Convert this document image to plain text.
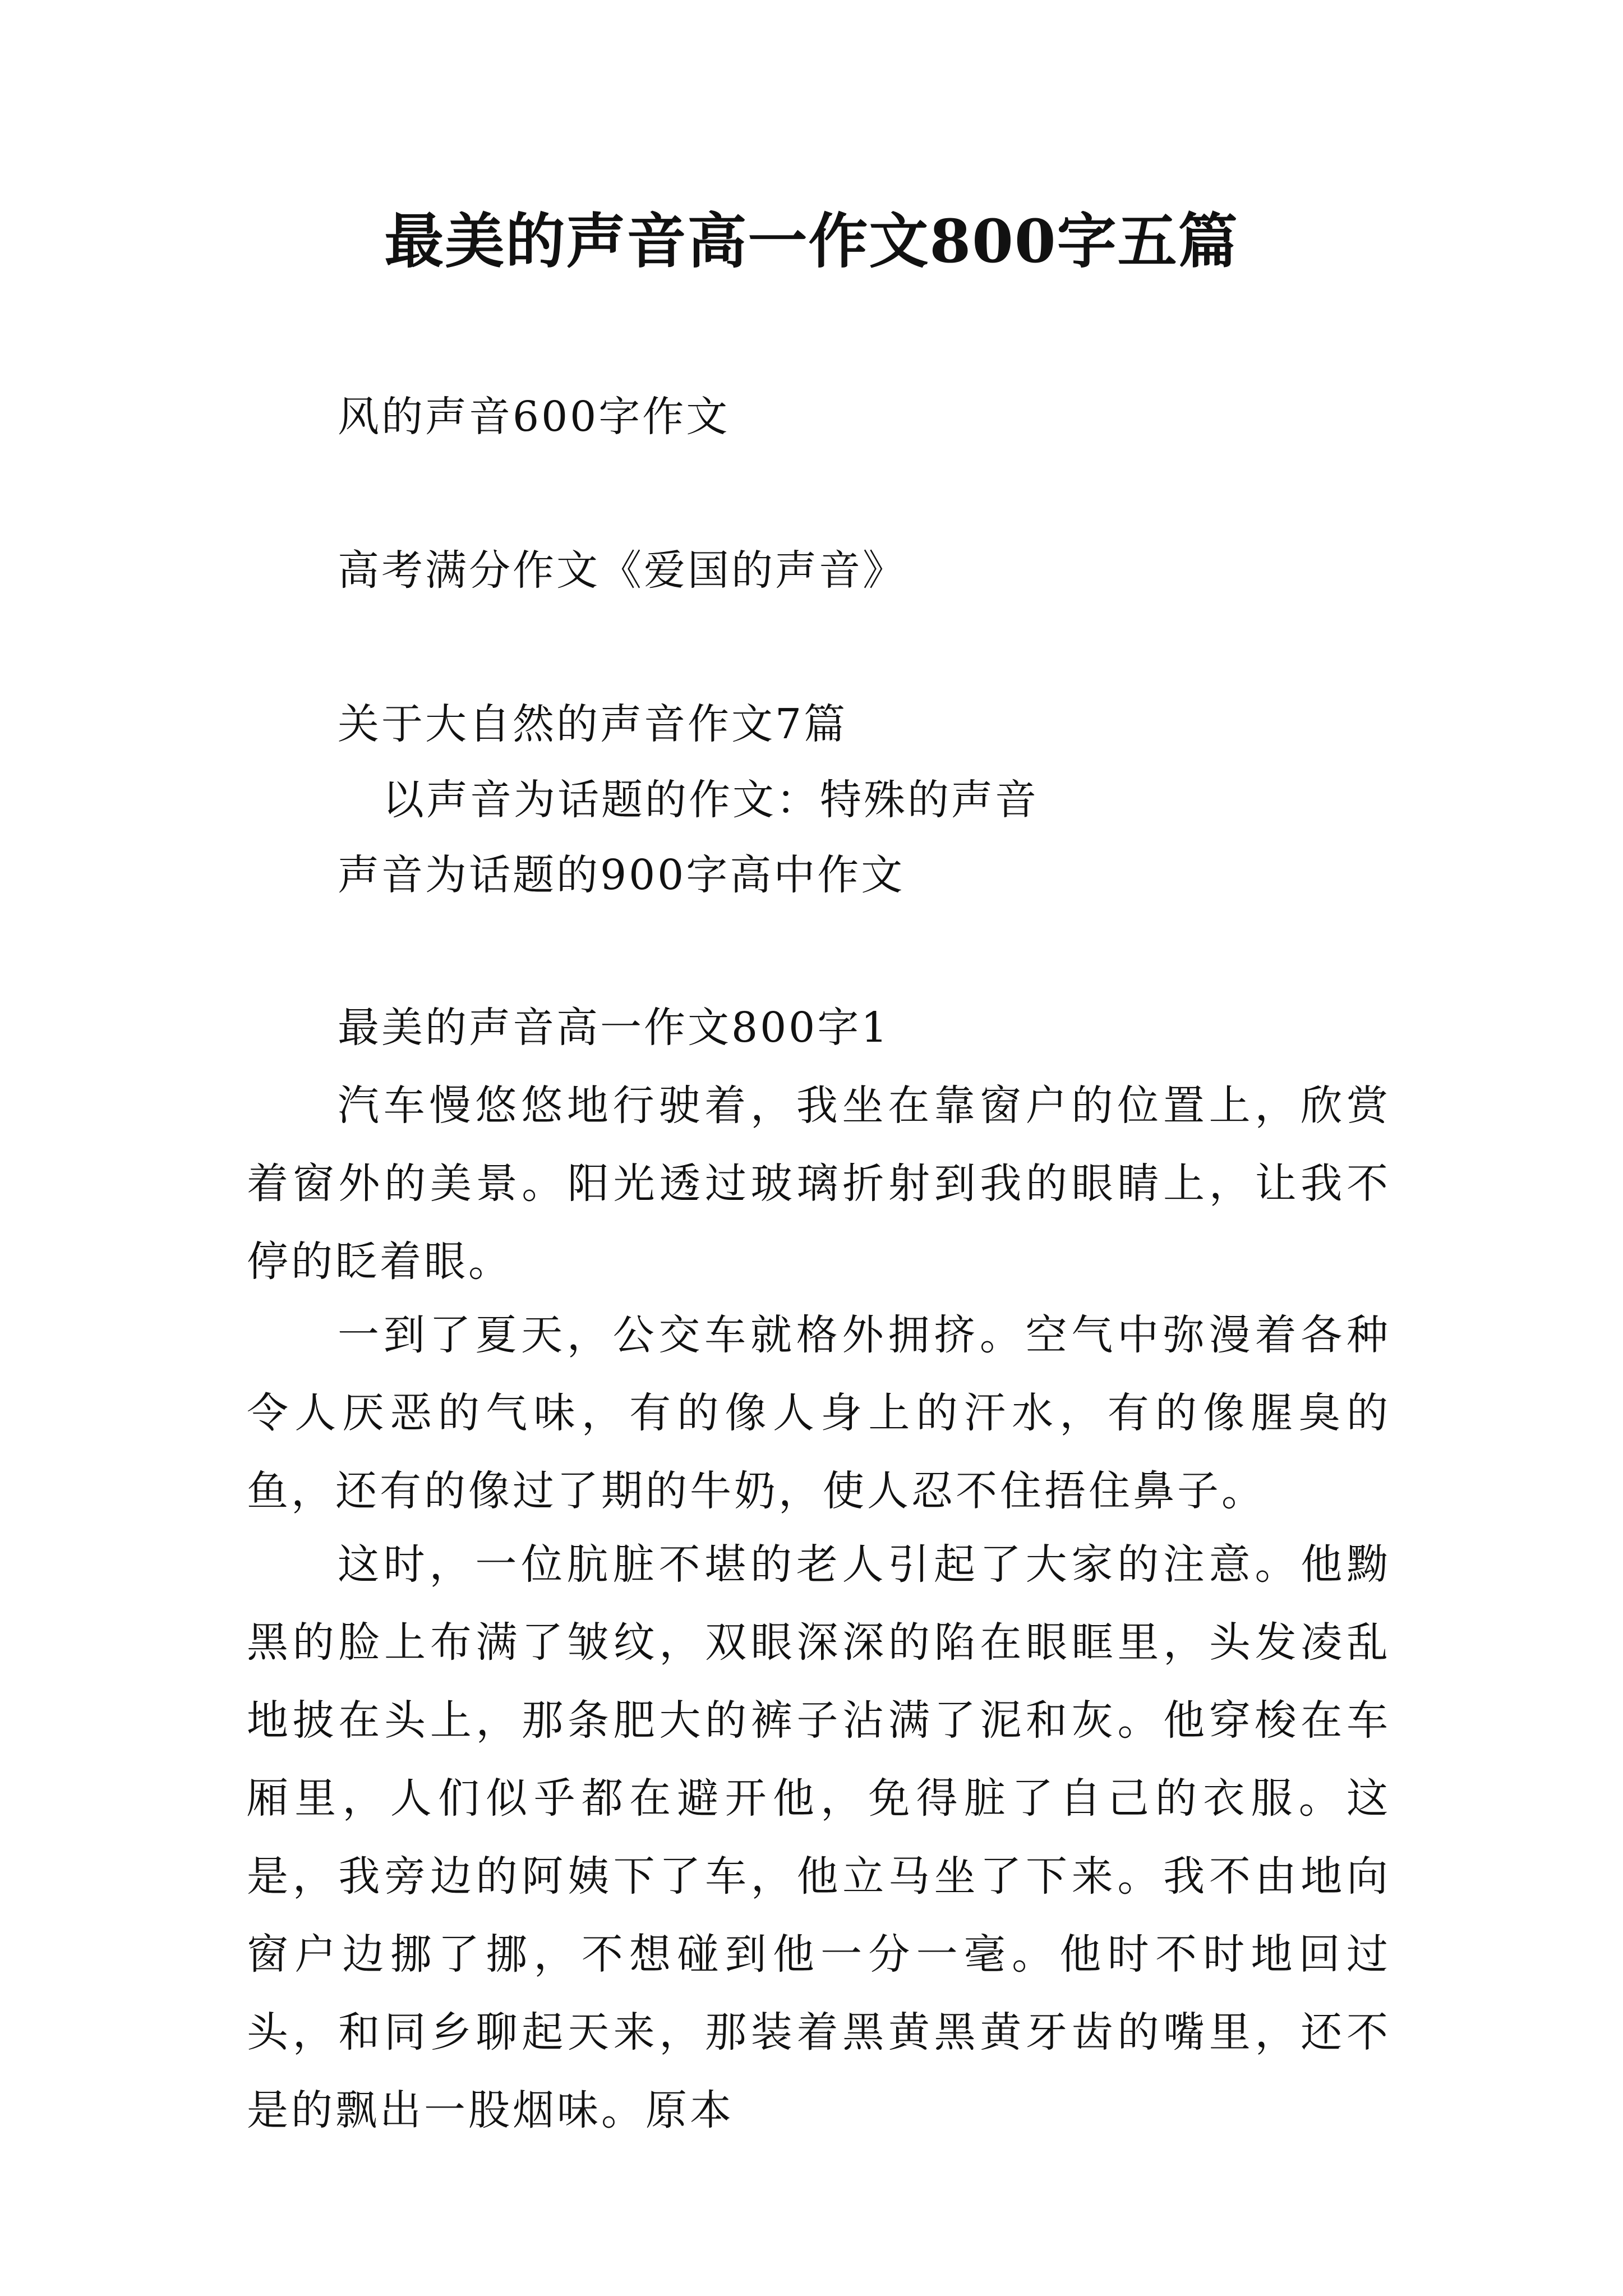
最美的声音高一作文800字五篇
风的声音600字作文
高考满分作文《爱国的声音》
关于大自然的声音作文7篇
以声音为话题的作文：特殊的声音
声音为话题的900字高中作文
最美的声音高一作文800字1
汽车慢悠悠地行驶着，我坐在靠窗户的位置上，欣赏着窗外的美景。阳光透过玻璃折射到我的眼睛上，让我不停的眨着眼。
一到了夏天，公交车就格外拥挤。空气中弥漫着各种令人厌恶的气味，有的像人身上的汗水，有的像腥臭的鱼，还有的像过了期的牛奶，使人忍不住捂住鼻子。
这时，一位肮脏不堪的老人引起了大家的注意。他黝黑的脸上布满了皱纹，双眼深深的陷在眼眶里，头发凌乱地披在头上，那条肥大的裤子沾满了泥和灰。他穿梭在车厢里，人们似乎都在避开他，免得脏了自己的衣服。这是，我旁边的阿姨下了车，他立马坐了下来。我不由地向窗户边挪了挪，不想碰到他一分一毫。他时不时地回过头，和同乡聊起天来，那装着黑黄黑黄牙齿的嘴里，还不是的飘出一股烟味。原本
